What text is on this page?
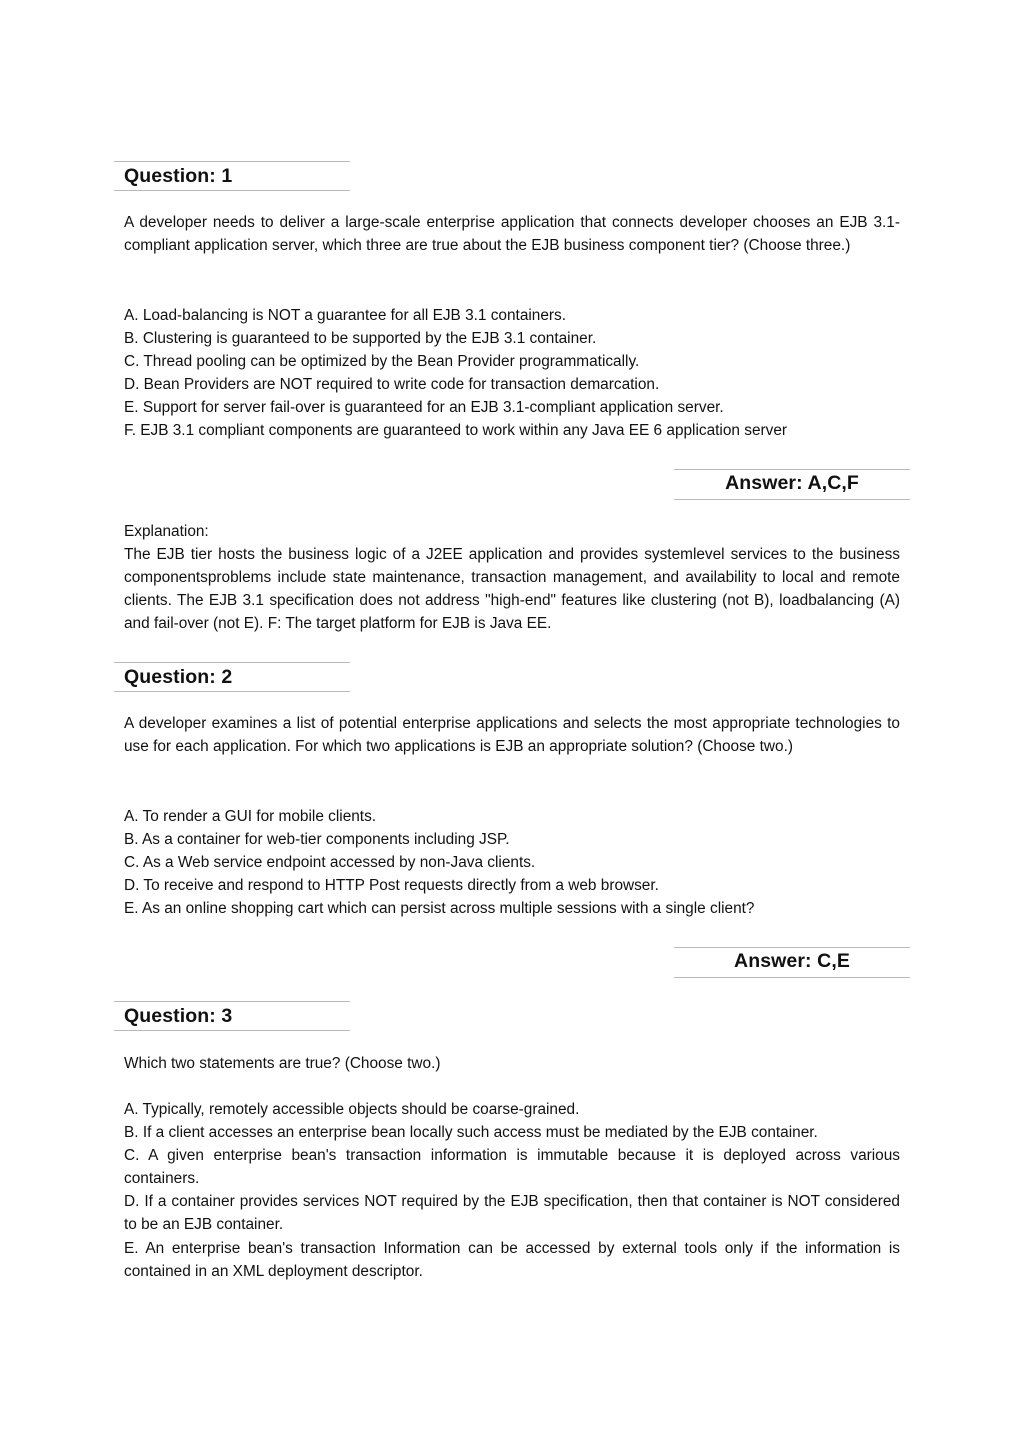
Question: 1
A developer needs to deliver a large-scale enterprise application that connects developer chooses an EJB 3.1-compliant application server, which three are true about the EJB business component tier? (Choose three.)
A. Load-balancing is NOT a guarantee for all EJB 3.1 containers.
B. Clustering is guaranteed to be supported by the EJB 3.1 container.
C. Thread pooling can be optimized by the Bean Provider programmatically.
D. Bean Providers are NOT required to write code for transaction demarcation.
E. Support for server fail-over is guaranteed for an EJB 3.1-compliant application server.
F. EJB 3.1 compliant components are guaranteed to work within any Java EE 6 application server
Answer: A,C,F
Explanation:
The EJB tier hosts the business logic of a J2EE application and provides systemlevel services to the business componentsproblems include state maintenance, transaction management, and availability to local and remote clients. The EJB 3.1 specification does not address "high-end" features like clustering (not B), loadbalancing (A) and fail-over (not E). F: The target platform for EJB is Java EE.
Question: 2
A developer examines a list of potential enterprise applications and selects the most appropriate technologies to use for each application. For which two applications is EJB an appropriate solution? (Choose two.)
A. To render a GUI for mobile clients.
B. As a container for web-tier components including JSP.
C. As a Web service endpoint accessed by non-Java clients.
D. To receive and respond to HTTP Post requests directly from a web browser.
E. As an online shopping cart which can persist across multiple sessions with a single client?
Answer: C,E
Question: 3
Which two statements are true? (Choose two.)
A. Typically, remotely accessible objects should be coarse-grained.
B. If a client accesses an enterprise bean locally such access must be mediated by the EJB container.
C. A given enterprise bean's transaction information is immutable because it is deployed across various containers.
D. If a container provides services NOT required by the EJB specification, then that container is NOT considered to be an EJB container.
E. An enterprise bean's transaction Information can be accessed by external tools only if the information is contained in an XML deployment descriptor.
